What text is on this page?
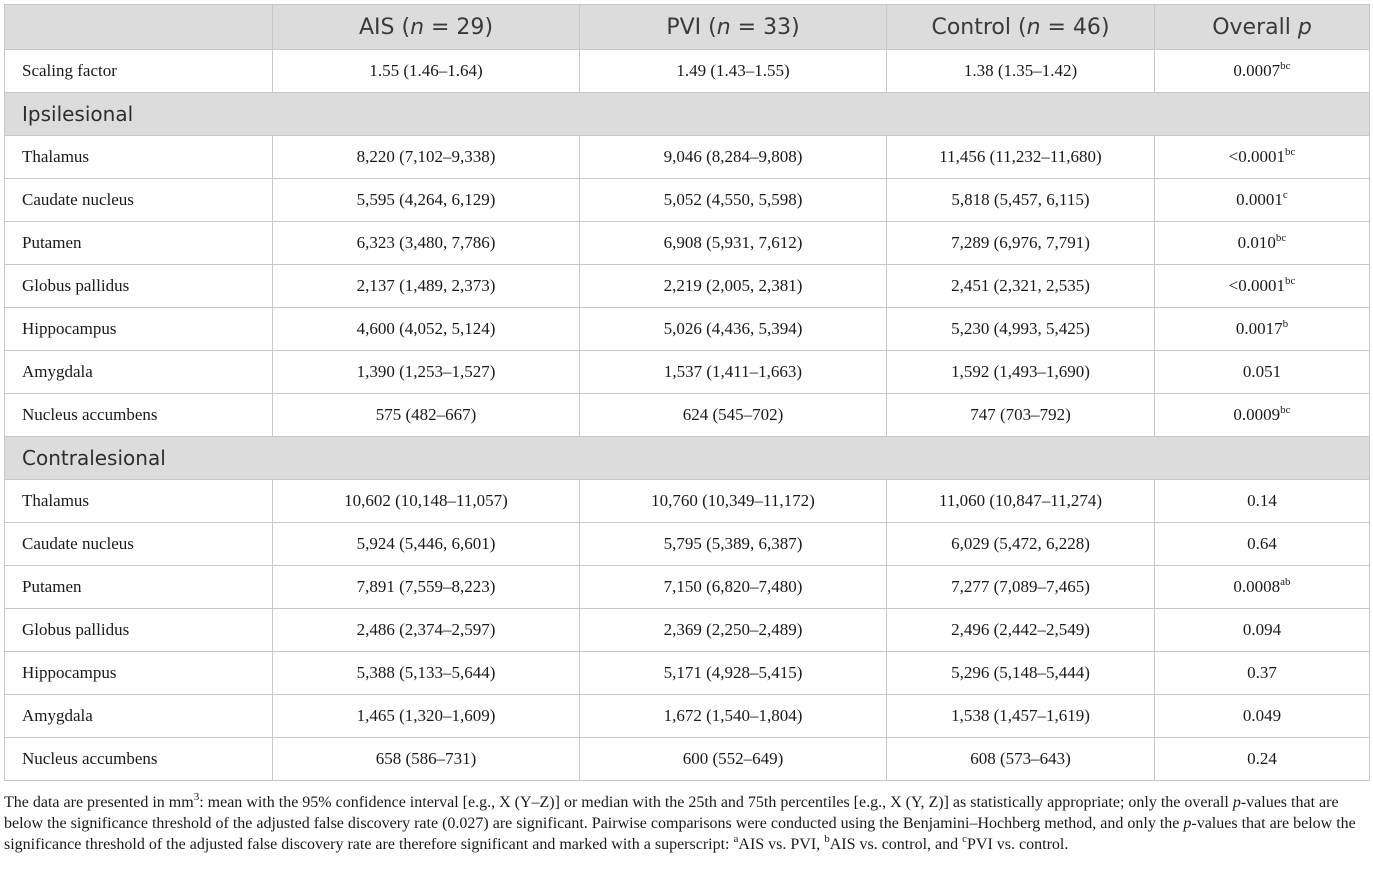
	AIS (n = 29)	PVI (n = 33)	Control (n = 46)	Overall p
Scaling factor	1.55 (1.46–1.64)	1.49 (1.43–1.55)	1.38 (1.35–1.42)	0.0007$^{bc}$
Ipsilesional				
Thalamus	8,220 (7,102–9,338)	9,046 (8,284–9,808)	11,456 (11,232–11,680)	<0.0001$^{bc}$
Caudate nucleus	5,595 (4,264, 6,129)	5,052 (4,550, 5,598)	5,818 (5,457, 6,115)	0.0001$^c$
Putamen	6,323 (3,480, 7,786)	6,908 (5,931, 7,612)	7,289 (6,976, 7,791)	0.010$^{bc}$
Globus pallidus	2,137 (1,489, 2,373)	2,219 (2,005, 2,381)	2,451 (2,321, 2,535)	<0.0001$^{bc}$
Hippocampus	4,600 (4,052, 5,124)	5,026 (4,436, 5,394)	5,230 (4,993, 5,425)	0.0017$^b$
Amygdala	1,390 (1,253–1,527)	1,537 (1,411–1,663)	1,592 (1,493–1,690)	0.051
Nucleus accumbens	575 (482–667)	624 (545–702)	747 (703–792)	0.0009$^{bc}$
Contralesional				
Thalamus	10,602 (10,148–11,057)	10,760 (10,349–11,172)	11,060 (10,847–11,274)	0.14
Caudate nucleus	5,924 (5,446, 6,601)	5,795 (5,389, 6,387)	6,029 (5,472, 6,228)	0.64
Putamen	7,891 (7,559–8,223)	7,150 (6,820–7,480)	7,277 (7,089–7,465)	0.0008$^{ab}$
Globus pallidus	2,486 (2,374–2,597)	2,369 (2,250–2,489)	2,496 (2,442–2,549)	0.094
Hippocampus	5,388 (5,133–5,644)	5,171 (4,928–5,415)	5,296 (5,148–5,444)	0.37
Amygdala	1,465 (1,320–1,609)	1,672 (1,540–1,804)	1,538 (1,457–1,619)	0.049
Nucleus accumbens	658 (586–731)	600 (552–649)	608 (573–643)	0.24

The data are presented in $mm^3$: mean with the 95% confidence interval [e.g., X (Y–Z)] or median with the 25th and 75th percentiles [e.g., X (Y, Z)] as statistically appropriate; only the overall p-values that are below the significance threshold of the adjusted false discovery rate (0.027) are significant. Pairwise comparisons were conducted using the Benjamini–Hochberg method, and only the p-values that are below the significance threshold of the adjusted false discovery rate are therefore significant and marked with a superscript: $^a$AIS vs. PVI, $^b$AIS vs. control, and $^c$PVI vs. control.
